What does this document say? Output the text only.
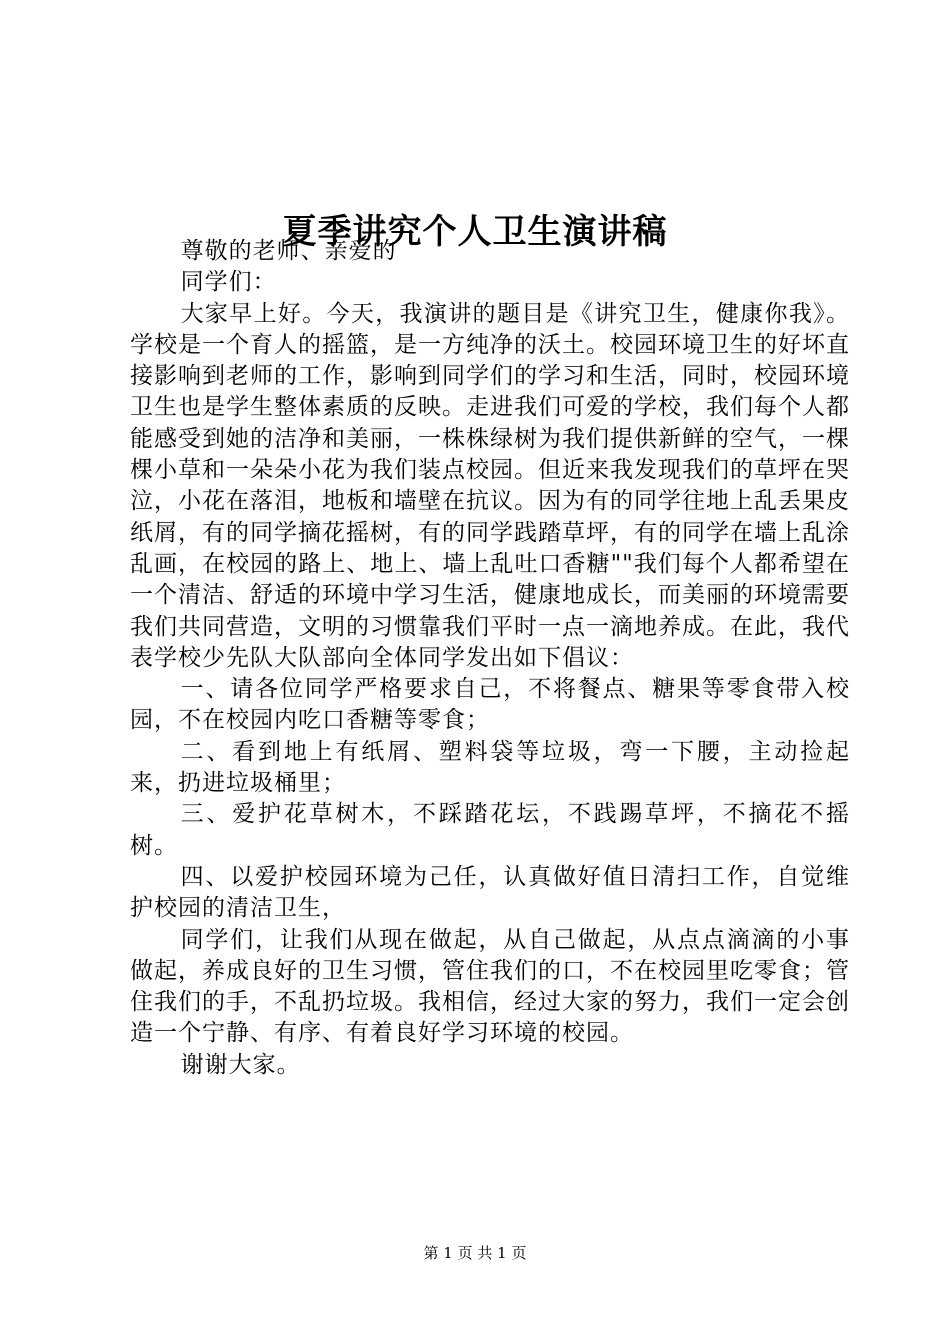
夏季讲究个人卫生演讲稿

尊敬的老师、亲爱的

同学们：

大家早上好。今天，我演讲的题目是《讲究卫生，健康你我》。学校是一个育人的摇篮，是一方纯净的沃土。校园环境卫生的好坏直接影响到老师的工作，影响到同学们的学习和生活，同时，校园环境卫生也是学生整体素质的反映。走进我们可爱的学校，我们每个人都能感受到她的洁净和美丽，一株株绿树为我们提供新鲜的空气，一棵棵小草和一朵朵小花为我们装点校园。但近来我发现我们的草坪在哭泣，小花在落泪，地板和墙壁在抗议。因为有的同学往地上乱丢果皮纸屑，有的同学摘花摇树，有的同学践踏草坪，有的同学在墙上乱涂乱画，在校园的路上、地上、墙上乱吐口香糖""我们每个人都希望在一个清洁、舒适的环境中学习生活，健康地成长，而美丽的环境需要我们共同营造，文明的习惯靠我们平时一点一滴地养成。在此，我代表学校少先队大队部向全体同学发出如下倡议：

一、请各位同学严格要求自己，不将餐点、糖果等零食带入校园，不在校园内吃口香糖等零食；

二、看到地上有纸屑、塑料袋等垃圾，弯一下腰，主动捡起来，扔进垃圾桶里；

三、爱护花草树木，不踩踏花坛，不践踢草坪，不摘花不摇树。

四、以爱护校园环境为己任，认真做好值日清扫工作，自觉维护校园的清洁卫生，

同学们，让我们从现在做起，从自己做起，从点点滴滴的小事做起，养成良好的卫生习惯，管住我们的口，不在校园里吃零食；管住我们的手，不乱扔垃圾。我相信，经过大家的努力，我们一定会创造一个宁静、有序、有着良好学习环境的校园。

谢谢大家。

第 1 页 共 1 页
